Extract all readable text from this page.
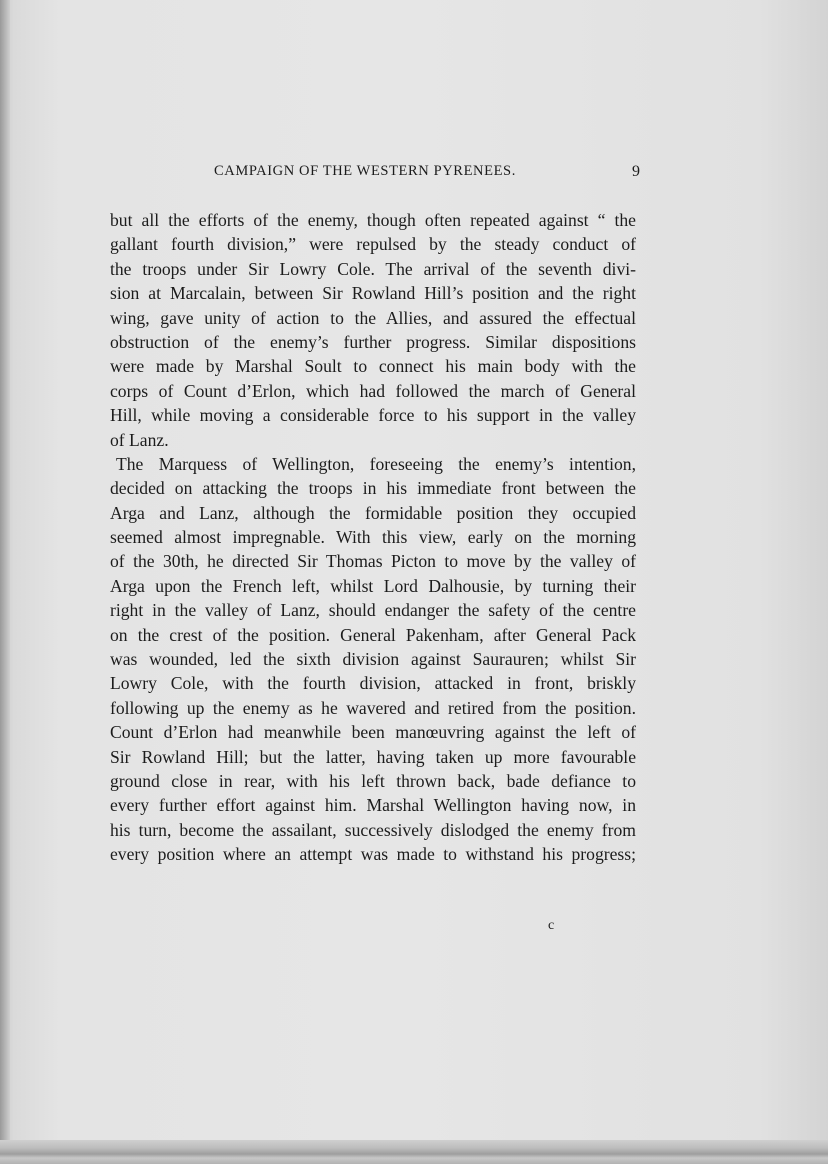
CAMPAIGN OF THE WESTERN PYRENEES.	9
but all the efforts of the enemy, though often repeated against “ the
gallant fourth division,” were repulsed by the steady conduct of
the troops under Sir Lowry Cole. The arrival of the seventh divi-
sion at Marcalain, between Sir Rowland Hill’s position and the right
wing, gave unity of action to the Allies, and assured the effectual
obstruction of the enemy’s further progress. Similar dispositions
were made by Marshal Soult to connect his main body with the
corps of Count d’Erlon, which had followed the march of General
Hill, while moving a considerable force to his support in the valley
of Lanz.
The Marquess of Wellington, foreseeing the enemy’s intention,
decided on attacking the troops in his immediate front between the
Arga and Lanz, although the formidable position they occupied
seemed almost impregnable. With this view, early on the morning
of the 30th, he directed Sir Thomas Picton to move by the valley of
Arga upon the French left, whilst Lord Dalhousie, by turning their
right in the valley of Lanz, should endanger the safety of the centre
on the crest of the position. General Pakenham, after General Pack
was wounded, led the sixth division against Saurauren; whilst Sir
Lowry Cole, with the fourth division, attacked in front, briskly
following up the enemy as he wavered and retired from the position.
Count d’Erlon had meanwhile been manœuvring against the left of
Sir Rowland Hill; but the latter, having taken up more favourable
ground close in rear, with his left thrown back, bade defiance to
every further effort against him. Marshal Wellington having now, in
his turn, become the assailant, successively dislodged the enemy from
every position where an attempt was made to withstand his progress;
c
